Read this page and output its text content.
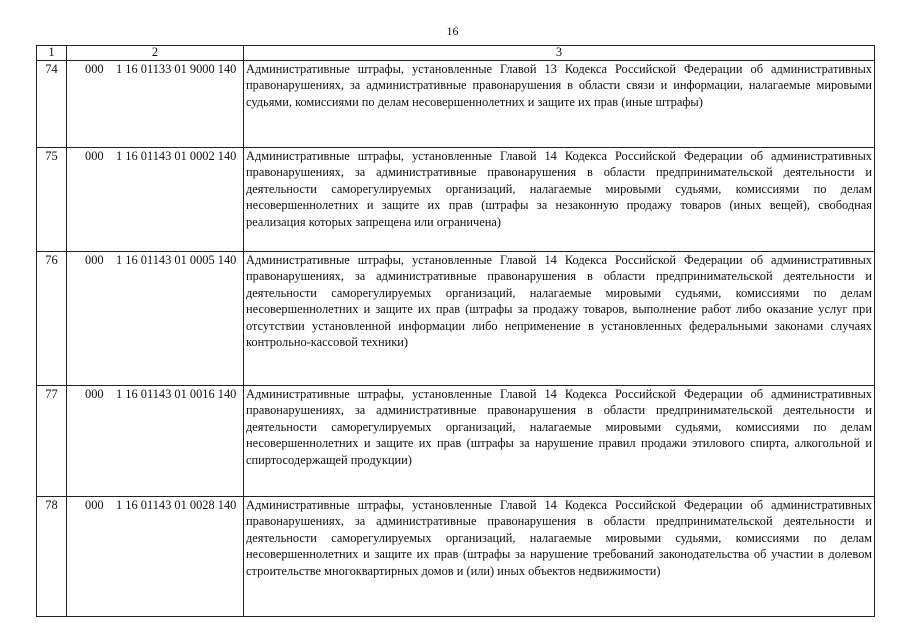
16
1	2	3
74	000 1 16 01133 01 9000 140	Административные штрафы, установленные Главой 13 Кодекса Российской Федерации об административных правонарушениях, за административные правонарушения в области связи и информации, налагаемые мировыми судьями, комиссиями по делам несовершеннолетних и защите их прав (иные штрафы)
75	000 1 16 01143 01 0002 140	Административные штрафы, установленные Главой 14 Кодекса Российской Федерации об административных правонарушениях, за административные правонарушения в области предпринимательской деятельности и деятельности саморегулируемых организаций, налагаемые мировыми судьями, комиссиями по делам несовершеннолетних и защите их прав (штрафы за незаконную продажу товаров (иных вещей), свободная реализация которых запрещена или ограничена)
76	000 1 16 01143 01 0005 140	Административные штрафы, установленные Главой 14 Кодекса Российской Федерации об административных правонарушениях, за административные правонарушения в области предпринимательской деятельности и деятельности саморегулируемых организаций, налагаемые мировыми судьями, комиссиями по делам несовершеннолетних и защите их прав (штрафы за продажу товаров, выполнение работ либо оказание услуг при отсутствии установленной информации либо неприменение в установленных федеральными законами случаях контрольно-кассовой техники)
77	000 1 16 01143 01 0016 140	Административные штрафы, установленные Главой 14 Кодекса Российской Федерации об административных правонарушениях, за административные правонарушения в области предпринимательской деятельности и деятельности саморегулируемых организаций, налагаемые мировыми судьями, комиссиями по делам несовершеннолетних и защите их прав (штрафы за нарушение правил продажи этилового спирта, алкогольной и спиртосодержащей продукции)
78	000 1 16 01143 01 0028 140	Административные штрафы, установленные Главой 14 Кодекса Российской Федерации об административных правонарушениях, за административные правонарушения в области предпринимательской деятельности и деятельности саморегулируемых организаций, налагаемые мировыми судьями, комиссиями по делам несовершеннолетних и защите их прав (штрафы за нарушение требований законодательства об участии в долевом строительстве многоквартирных домов и (или) иных объектов недвижимости)
